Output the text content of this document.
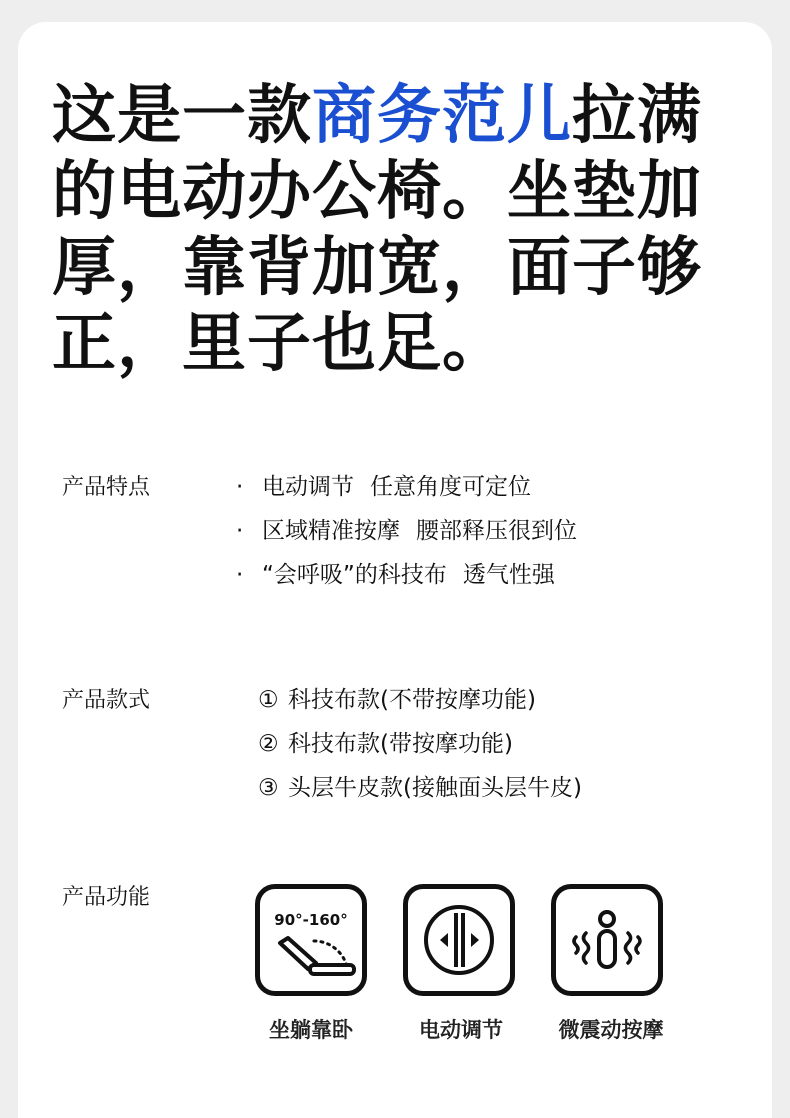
这是一款商务范儿拉满的电动办公椅。坐垫加厚，靠背加宽，面子够正，里子也足。
产品特点	· 电动调节 任意角度可定位
· 区域精准按摩 腰部释压很到位
· “会呼吸”的科技布 透气性强
产品款式	① 科技布款(不带按摩功能)
② 科技布款(带按摩功能)
③ 头层牛皮款(接触面头层牛皮)
产品功能
90°-160°
坐躺靠卧	电动调节	微震动按摩
